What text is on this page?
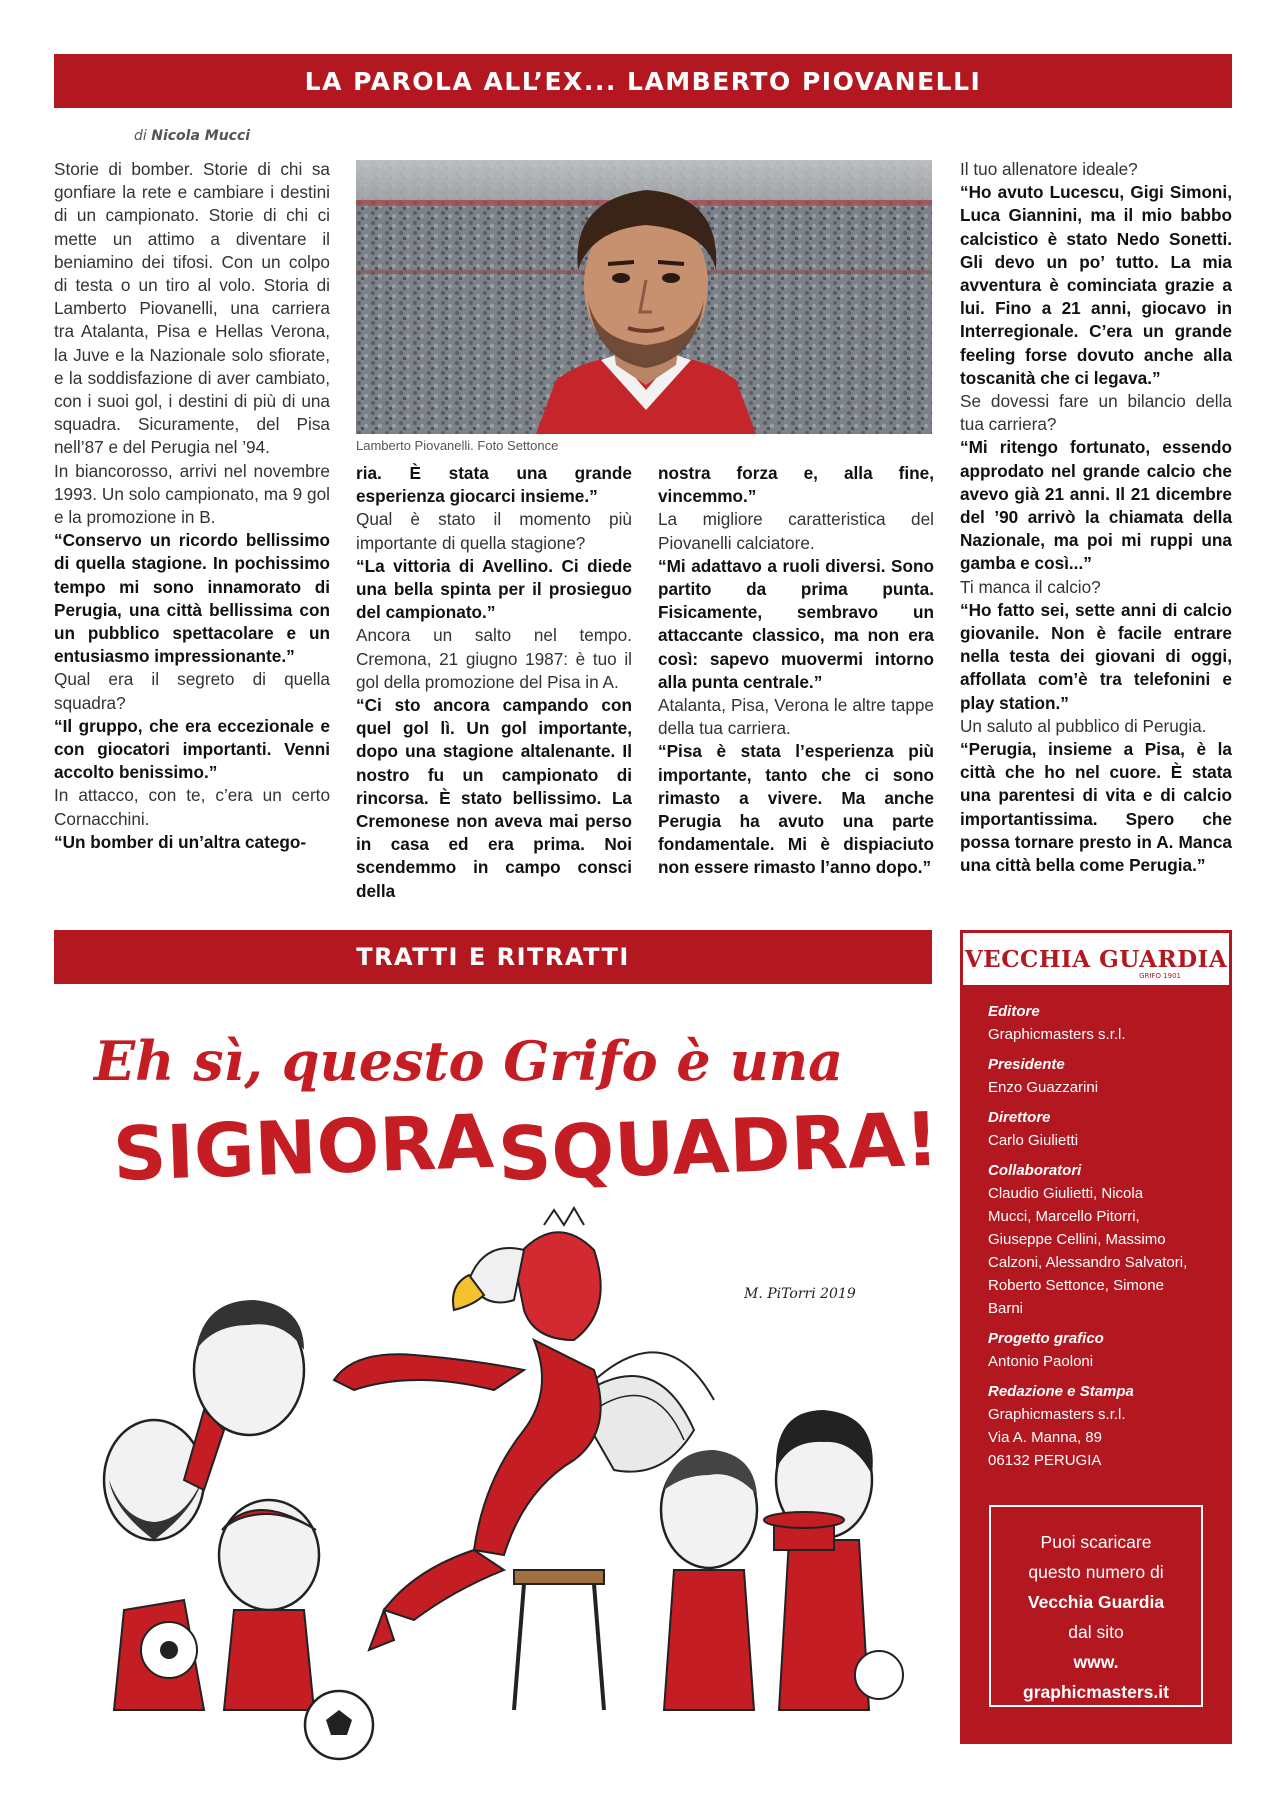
LA PAROLA ALL’EX... LAMBERTO PIOVANELLI
di Nicola Mucci

Storie di bomber. Storie di chi sa gonfiare la rete e cambiare i destini di un campionato. Storie di chi ci mette un attimo a diventare il beniamino dei tifosi. Con un colpo di testa o un tiro al volo. Storia di Lamberto Piovanelli, una carriera tra Atalanta, Pisa e Hellas Verona, la Juve e la Nazionale solo sfiorate, e la soddisfazione di aver cambiato, con i suoi gol, i destini di più di una squadra. Sicuramente, del Pisa nell’87 e del Perugia nel ’94.

In biancorosso, arrivi nel novembre 1993. Un solo campionato, ma 9 gol e la promozione in B.

“Conservo un ricordo bellissimo di quella stagione. In pochissimo tempo mi sono innamorato di Perugia, una città bellissima con un pubblico spettacolare e un entusiasmo impressionante.”

Qual era il segreto di quella squadra?

“Il gruppo, che era eccezionale e con giocatori importanti. Venni accolto benissimo.”

In attacco, con te, c’era un certo Cornacchini.

“Un bomber di un’altra catego-

Lamberto Piovanelli. Foto Settonce

ria. È stata una grande esperienza giocarci insieme.”

Qual è stato il momento più importante di quella stagione?

“La vittoria di Avellino. Ci diede una bella spinta per il prosieguo del campionato.”

Ancora un salto nel tempo. Cremona, 21 giugno 1987: è tuo il gol della promozione del Pisa in A.

“Ci sto ancora campando con quel gol lì. Un gol importante, dopo una stagione altalenante. Il nostro fu un campionato di rincorsa. È stato bellissimo. La Cremonese non aveva mai perso in casa ed era prima. Noi scendemmo in campo consci della

nostra forza e, alla fine, vincemmo.”

La migliore caratteristica del Piovanelli calciatore.

“Mi adattavo a ruoli diversi. Sono partito da prima punta. Fisicamente, sembravo un attaccante classico, ma non era così: sapevo muovermi intorno alla punta centrale.”

Atalanta, Pisa, Verona le altre tappe della tua carriera.

“Pisa è stata l’esperienza più importante, tanto che ci sono rimasto a vivere. Ma anche Perugia ha avuto una parte fondamentale. Mi è dispiaciuto non essere rimasto l’anno dopo.”

Il tuo allenatore ideale?

“Ho avuto Lucescu, Gigi Simoni, Luca Giannini, ma il mio babbo calcistico è stato Nedo Sonetti. Gli devo un po’ tutto. La mia avventura è cominciata grazie a lui. Fino a 21 anni, giocavo in Interregionale. C’era un grande feeling forse dovuto anche alla toscanità che ci legava.”

Se dovessi fare un bilancio della tua carriera?

“Mi ritengo fortunato, essendo approdato nel grande calcio che avevo già 21 anni. Il 21 dicembre del ’90 arrivò la chiamata della Nazionale, ma poi mi ruppi una gamba e così...”

Ti manca il calcio?

“Ho fatto sei, sette anni di calcio giovanile. Non è facile entrare nella testa dei giovani di oggi, affollata com’è tra telefonini e play station.”

Un saluto al pubblico di Perugia.

“Perugia, insieme a Pisa, è la città che ho nel cuore. È stata una parentesi di vita e di calcio importantissima. Spero che possa tornare presto in A. Manca una città bella come Perugia.”

TRATTI E RITRATTI
Eh sì, questo Grifo è una
SIGNORA SQUADRA!
M. PiTorri 2019
VECCHIA GUARDIA
GRIFO 1901
Editore
Graphicmasters s.r.l.
Presidente
Enzo Guazzarini
Direttore
Carlo Giulietti
Collaboratori
Claudio Giulietti, Nicola
Mucci, Marcello Pitorri,
Giuseppe Cellini, Massimo
Calzoni, Alessandro Salvatori,
Roberto Settonce, Simone
Barni
Progetto grafico
Antonio Paoloni
Redazione e Stampa
Graphicmasters s.r.l.
Via A. Manna, 89
06132 PERUGIA
Puoi scaricare
questo numero di
Vecchia Guardia
dal sito
www.
graphicmasters.it
